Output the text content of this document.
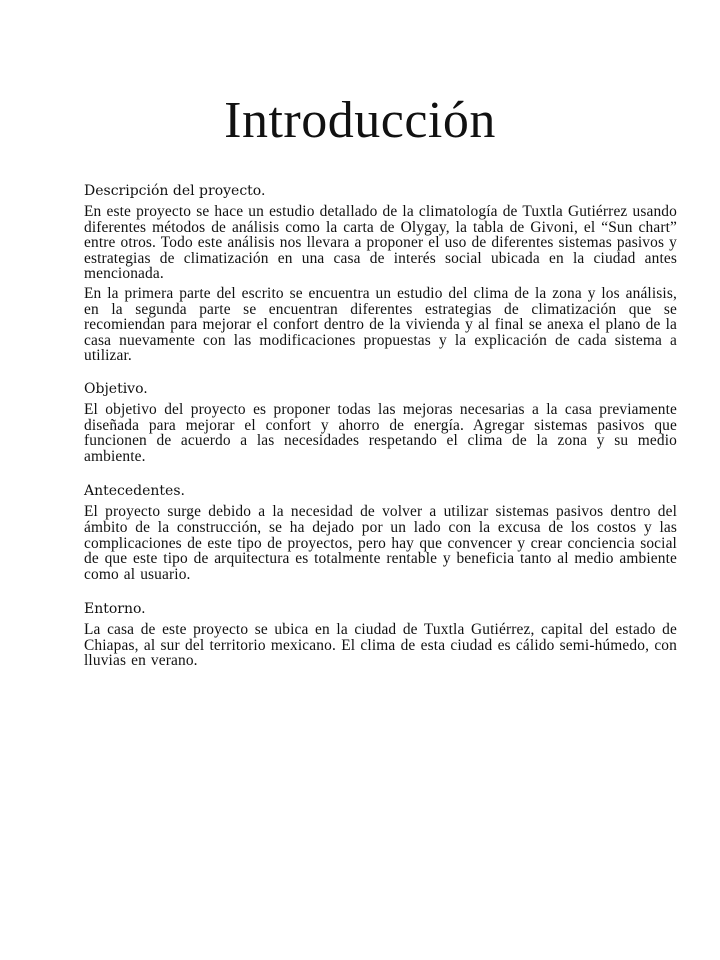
Introducción
Descripción del proyecto.

En este proyecto se hace un estudio detallado de la climatología de Tuxtla Gutiérrez usando diferentes métodos de análisis como la carta de Olygay, la tabla de Givoni, el “Sun chart” entre otros. Todo este análisis nos llevara a proponer el uso de diferentes sistemas pasivos y estrategias de climatización en una casa de interés social ubicada en la ciudad antes mencionada.

En la primera parte del escrito se encuentra un estudio del clima de la zona y los análisis, en la segunda parte se encuentran diferentes estrategias de climatización que se recomiendan para mejorar el confort dentro de la vivienda y al final se anexa el plano de la casa nuevamente con las modificaciones propuestas y la explicación de cada sistema a utilizar.

Objetivo.

El objetivo del proyecto es proponer todas las mejoras necesarias a la casa previamente diseñada para mejorar el confort y ahorro de energía. Agregar sistemas pasivos que funcionen de acuerdo a las necesidades respetando el clima de la zona y su medio ambiente.

Antecedentes.

El proyecto surge debido a la necesidad de volver a utilizar sistemas pasivos dentro del ámbito de la construcción, se ha dejado por un lado con la excusa de los costos y las complicaciones de este tipo de proyectos, pero hay que convencer y crear conciencia social de que este tipo de arquitectura es totalmente rentable y beneficia tanto al medio ambiente como al usuario.

Entorno.

La casa de este proyecto se ubica en la ciudad de Tuxtla Gutiérrez, capital del estado de Chiapas, al sur del territorio mexicano. El clima de esta ciudad es cálido semi-húmedo, con lluvias en verano.
